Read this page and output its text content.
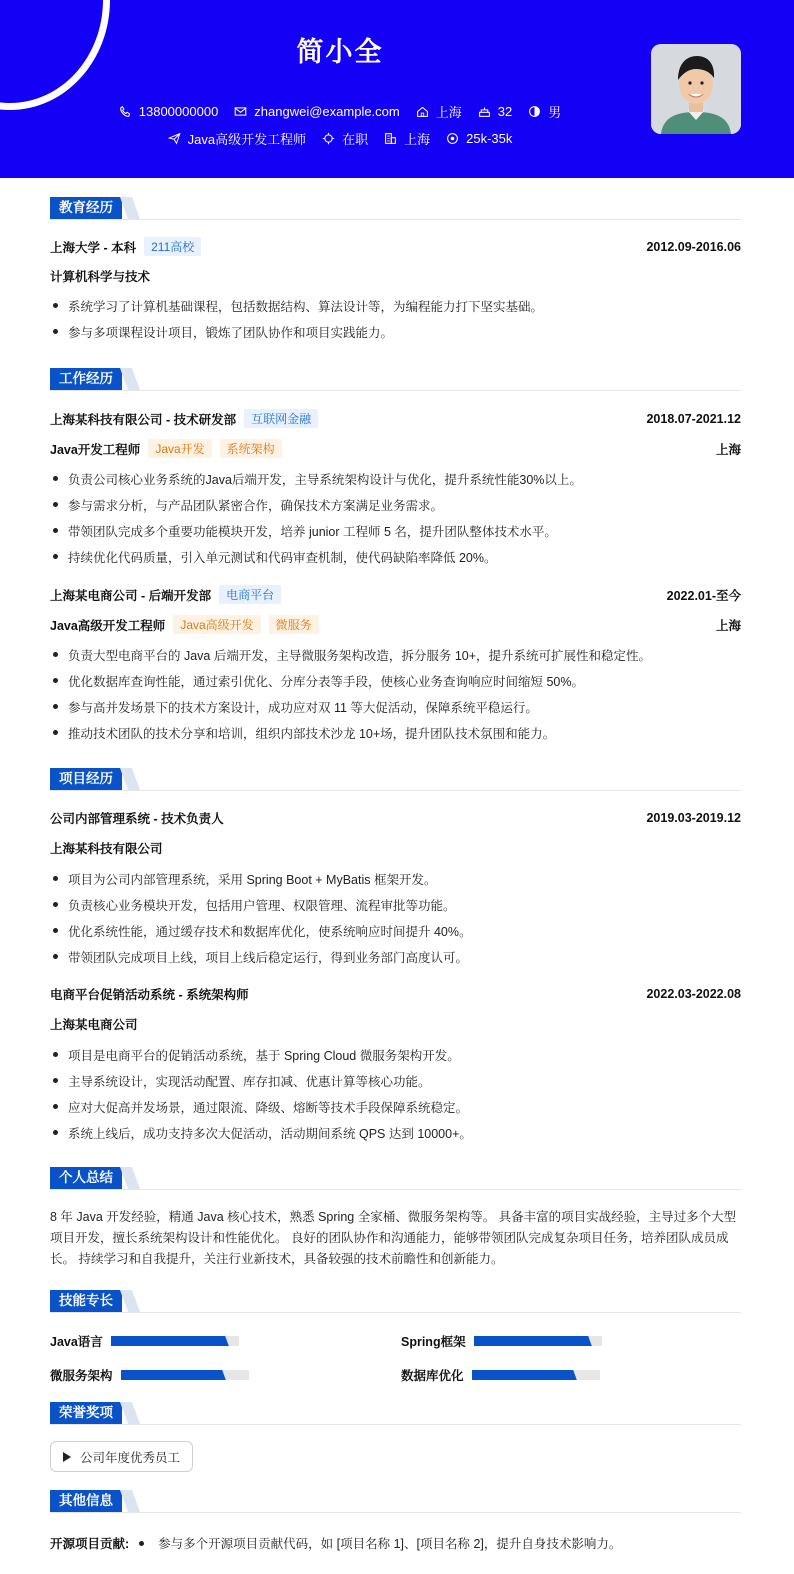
简小全
13800000000	zhangwei@example.com	上海	32	男
Java高级开发工程师	在职	上海	25k-35k
教育经历
上海大学 - 本科	211高校	2012.09-2016.06
计算机科学与技术
系统学习了计算机基础课程，包括数据结构、算法设计等，为编程能力打下坚实基础。
参与多项课程设计项目，锻炼了团队协作和项目实践能力。
工作经历
上海某科技有限公司 - 技术研发部	互联网金融	2018.07-2021.12
Java开发工程师	Java开发	系统架构	上海
负责公司核心业务系统的Java后端开发，主导系统架构设计与优化，提升系统性能30%以上。
参与需求分析，与产品团队紧密合作，确保技术方案满足业务需求。
带领团队完成多个重要功能模块开发，培养 junior 工程师 5 名，提升团队整体技术水平。
持续优化代码质量，引入单元测试和代码审查机制，使代码缺陷率降低 20%。
上海某电商公司 - 后端开发部	电商平台	2022.01-至今
Java高级开发工程师	Java高级开发	微服务	上海
负责大型电商平台的 Java 后端开发，主导微服务架构改造，拆分服务 10+，提升系统可扩展性和稳定性。
优化数据库查询性能，通过索引优化、分库分表等手段，使核心业务查询响应时间缩短 50%。
参与高并发场景下的技术方案设计，成功应对双 11 等大促活动，保障系统平稳运行。
推动技术团队的技术分享和培训，组织内部技术沙龙 10+场，提升团队技术氛围和能力。
项目经历
公司内部管理系统 - 技术负责人	2019.03-2019.12
上海某科技有限公司
项目为公司内部管理系统，采用 Spring Boot + MyBatis 框架开发。
负责核心业务模块开发，包括用户管理、权限管理、流程审批等功能。
优化系统性能，通过缓存技术和数据库优化，使系统响应时间提升 40%。
带领团队完成项目上线，项目上线后稳定运行，得到业务部门高度认可。
电商平台促销活动系统 - 系统架构师	2022.03-2022.08
上海某电商公司
项目是电商平台的促销活动系统，基于 Spring Cloud 微服务架构开发。
主导系统设计，实现活动配置、库存扣减、优惠计算等核心功能。
应对大促高并发场景，通过限流、降级、熔断等技术手段保障系统稳定。
系统上线后，成功支持多次大促活动，活动期间系统 QPS 达到 10000+。
个人总结
8 年 Java 开发经验，精通 Java 核心技术，熟悉 Spring 全家桶、微服务架构等。 具备丰富的项目实战经验，主导过多个大型项目开发，擅长系统架构设计和性能优化。 良好的团队协作和沟通能力，能够带领团队完成复杂项目任务，培养团队成员成长。 持续学习和自我提升，关注行业新技术，具备较强的技术前瞻性和创新能力。
技能专长
Java语言	Spring框架
微服务架构	数据库优化
荣誉奖项
公司年度优秀员工
其他信息
开源项目贡献: 参与多个开源项目贡献代码，如 [项目名称 1]、[项目名称 2]，提升自身技术影响力。
